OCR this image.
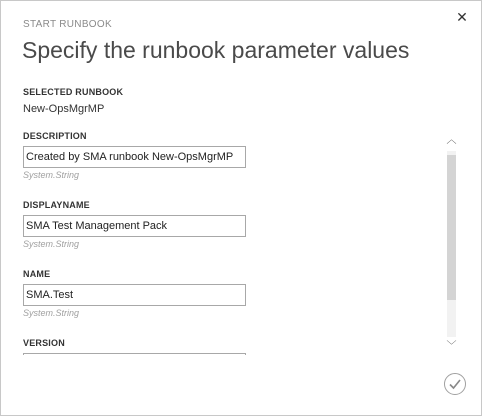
START RUNBOOK	✕
Specify the runbook parameter values
SELECTED RUNBOOK
New-OpsMgrMP
DESCRIPTION
Created by SMA runbook New-OpsMgrMP
System.String
DISPLAYNAME
SMA Test Management Pack
System.String
NAME
SMA.Test
System.String
VERSION
︿
﹀
